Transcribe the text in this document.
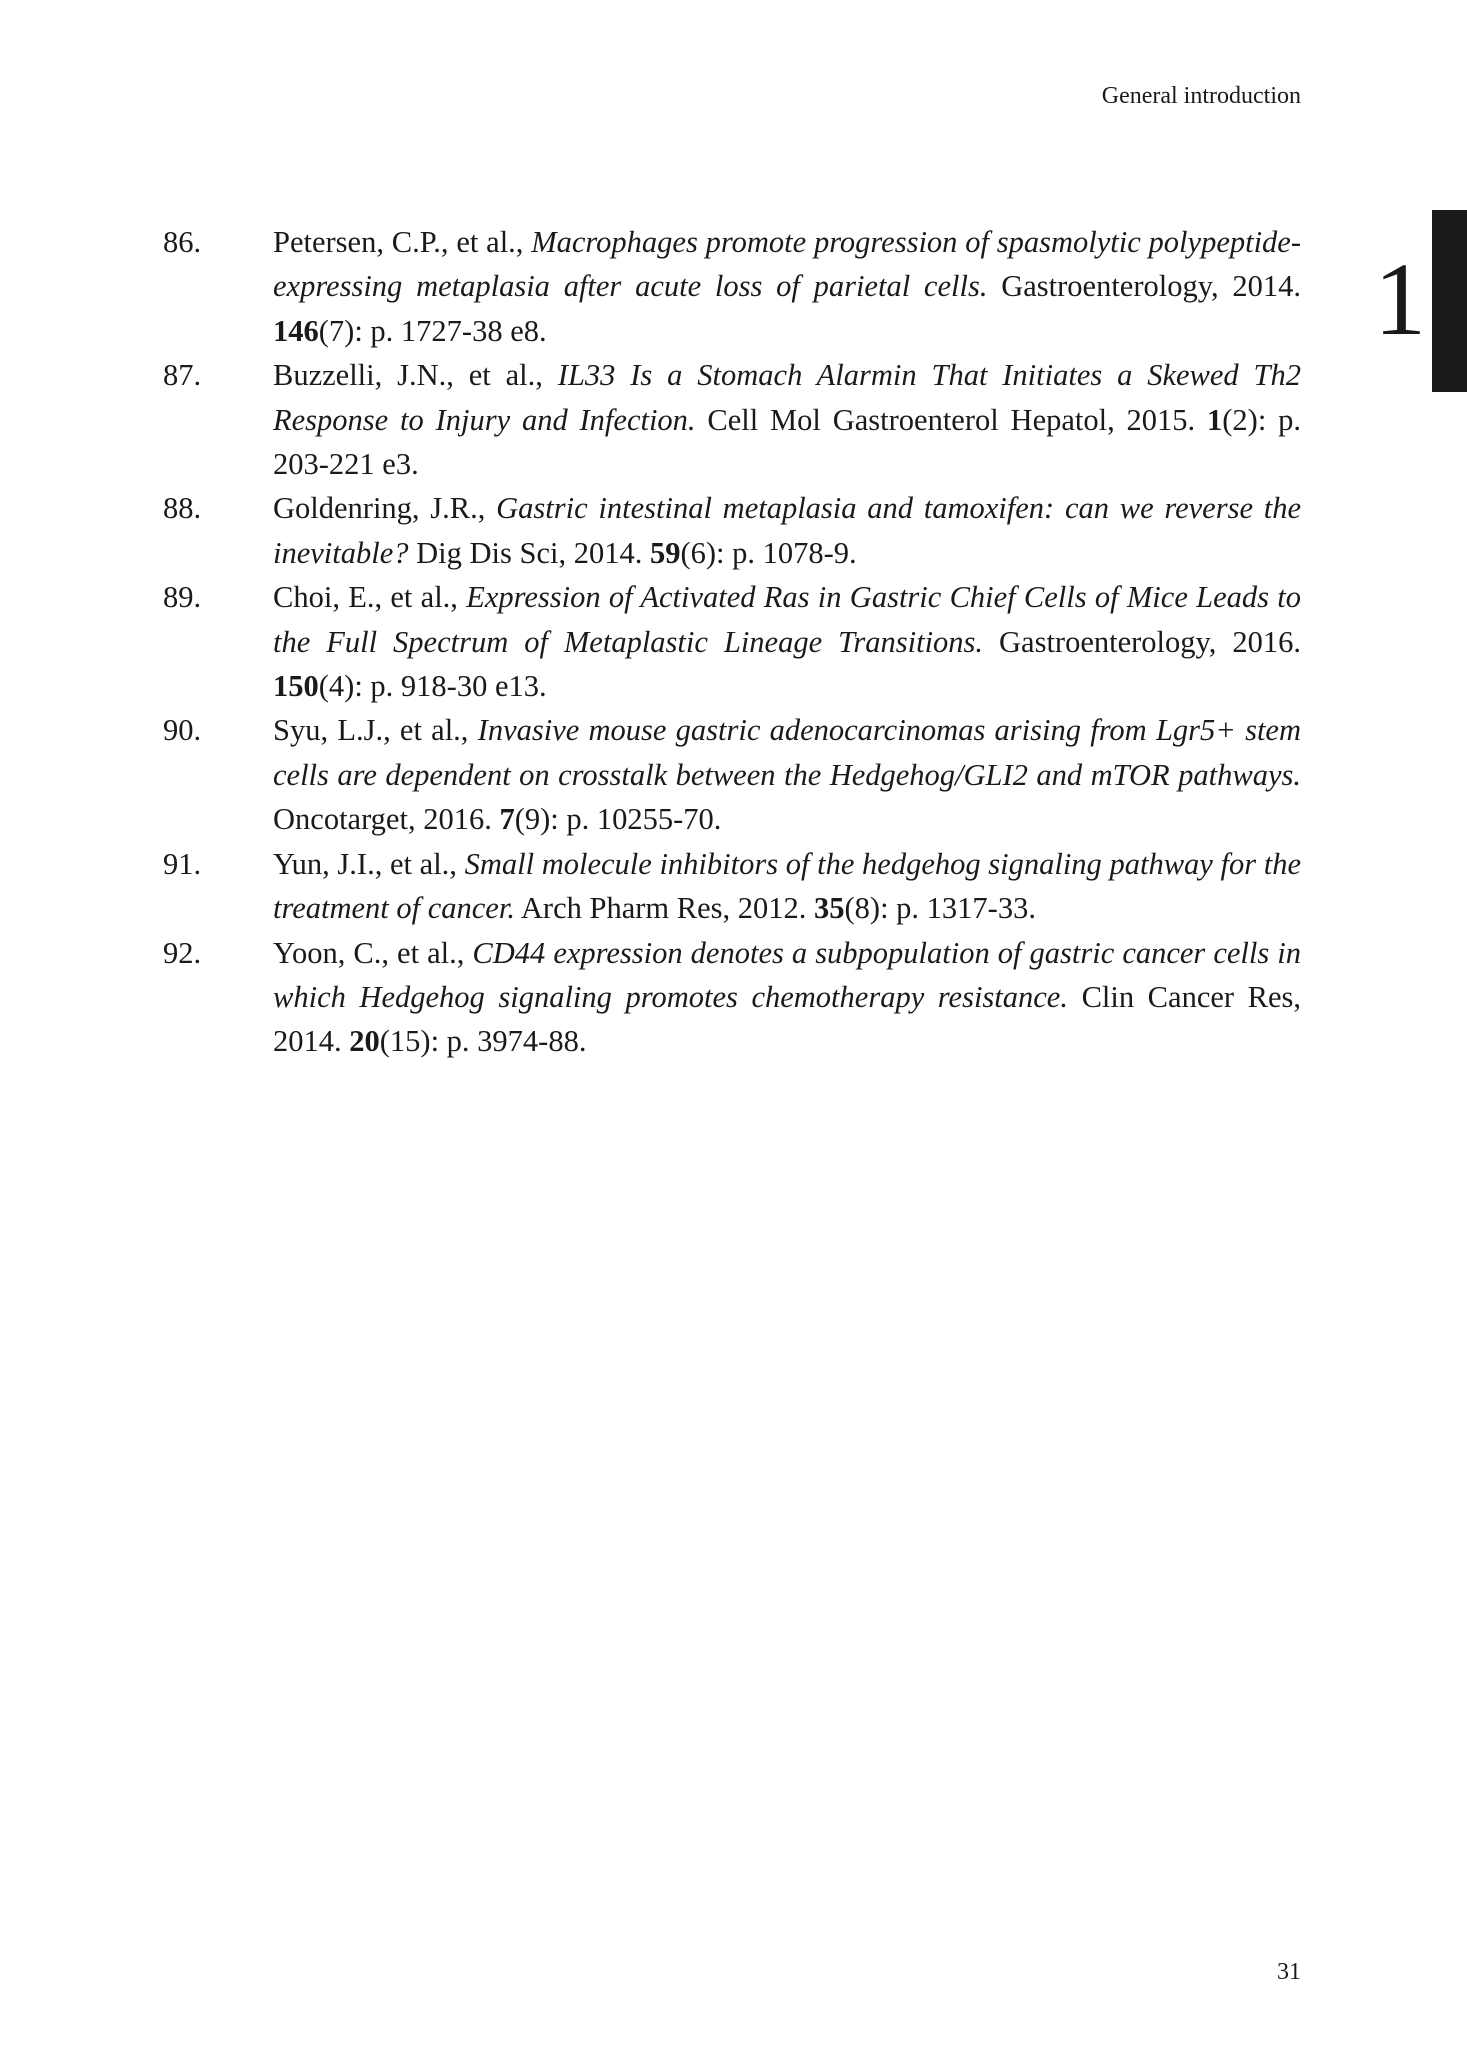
General introduction
1
86. Petersen, C.P., et al., Macrophages promote progression of spasmolytic polypeptide-expressing metaplasia after acute loss of parietal cells. Gastroenterology, 2014. 146(7): p. 1727-38 e8.
87. Buzzelli, J.N., et al., IL33 Is a Stomach Alarmin That Initiates a Skewed Th2 Response to Injury and Infection. Cell Mol Gastroenterol Hepatol, 2015. 1(2): p. 203-221 e3.
88. Goldenring, J.R., Gastric intestinal metaplasia and tamoxifen: can we reverse the inevitable? Dig Dis Sci, 2014. 59(6): p. 1078-9.
89. Choi, E., et al., Expression of Activated Ras in Gastric Chief Cells of Mice Leads to the Full Spectrum of Metaplastic Lineage Transitions. Gastroenterology, 2016. 150(4): p. 918-30 e13.
90. Syu, L.J., et al., Invasive mouse gastric adenocarcinomas arising from Lgr5+ stem cells are dependent on crosstalk between the Hedgehog/GLI2 and mTOR pathways. Oncotarget, 2016. 7(9): p. 10255-70.
91. Yun, J.I., et al., Small molecule inhibitors of the hedgehog signaling pathway for the treatment of cancer. Arch Pharm Res, 2012. 35(8): p. 1317-33.
92. Yoon, C., et al., CD44 expression denotes a subpopulation of gastric cancer cells in which Hedgehog signaling promotes chemotherapy resistance. Clin Cancer Res, 2014. 20(15): p. 3974-88.
31
